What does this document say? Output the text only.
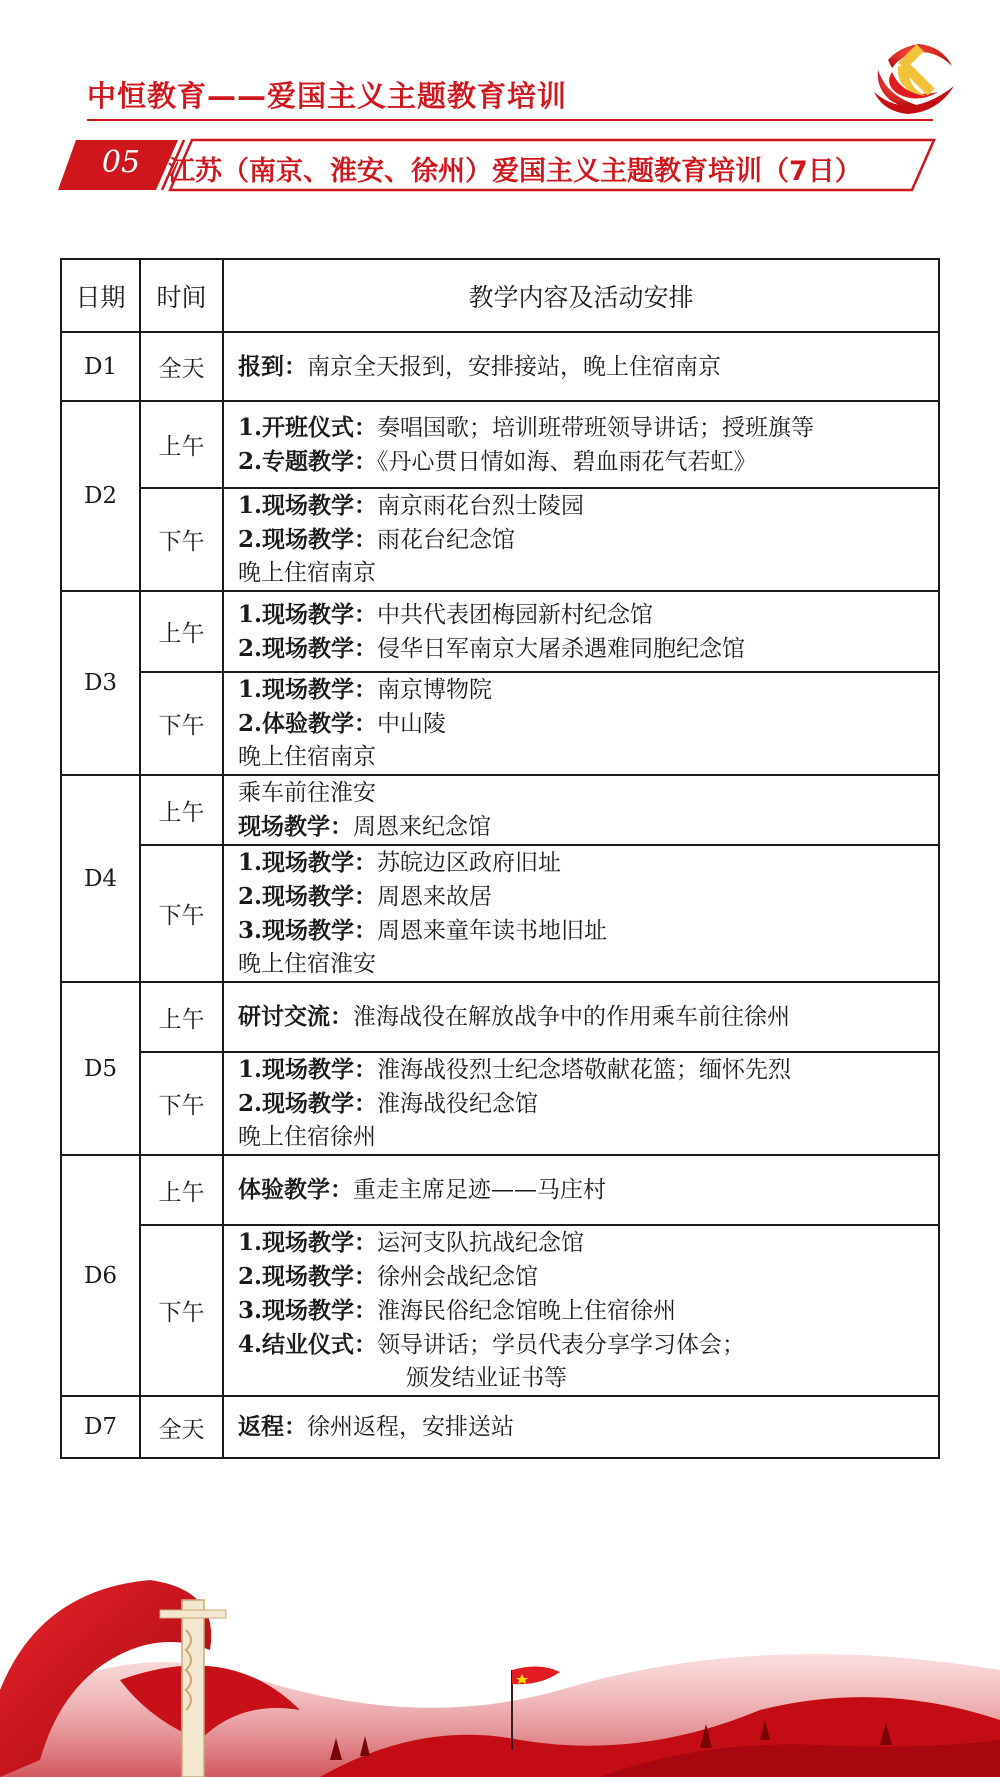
中恒教育——爱国主义主题教育培训
05	江苏（南京、淮安、徐州）爱国主义主题教育培训（7日）
日期	时间	教学内容及活动安排
D1	全天	报到：南京全天报到，安排接站，晚上住宿南京

D2	上午	1.开班仪式：奏唱国歌；培训班带班领导讲话；授班旗等
2.专题教学：《丹心贯日情如海、碧血雨花气若虹》

	下午	1.现场教学：南京雨花台烈士陵园
2.现场教学：雨花台纪念馆
晚上住宿南京

D3	上午	1.现场教学：中共代表团梅园新村纪念馆
2.现场教学：侵华日军南京大屠杀遇难同胞纪念馆

	下午	1.现场教学：南京博物院
2.体验教学：中山陵
晚上住宿南京

D4	上午	乘车前往淮安
现场教学：周恩来纪念馆

	下午	1.现场教学：苏皖边区政府旧址
2.现场教学：周恩来故居
3.现场教学：周恩来童年读书地旧址
晚上住宿淮安

D5	上午	研讨交流：淮海战役在解放战争中的作用乘车前往徐州

	下午	1.现场教学：淮海战役烈士纪念塔敬献花篮；缅怀先烈
2.现场教学：淮海战役纪念馆
晚上住宿徐州

D6	上午	体验教学：重走主席足迹——马庄村

	下午	1.现场教学：运河支队抗战纪念馆
2.现场教学：徐州会战纪念馆
3.现场教学：淮海民俗纪念馆晚上住宿徐州
4.结业仪式：领导讲话；学员代表分享学习体会；
颁发结业证书等

D7	全天	返程：徐州返程，安排送站
